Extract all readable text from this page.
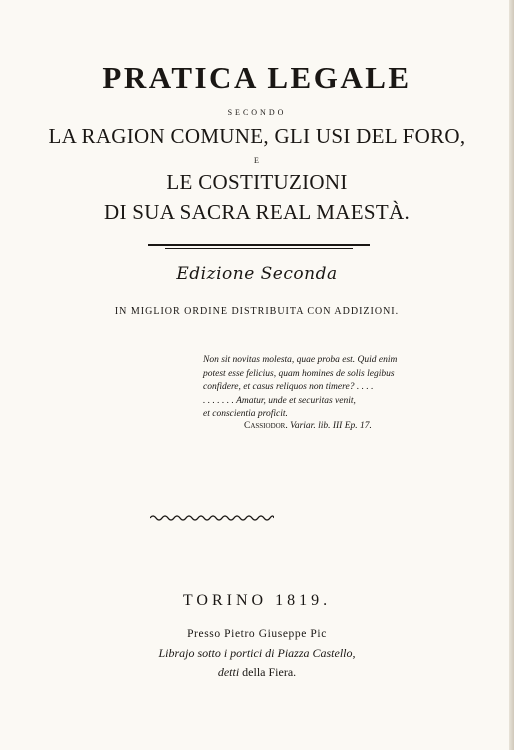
PRATICA LEGALE
SECONDO
LA RAGION COMUNE, GLI USI DEL FORO,
E
LE COSTITUZIONI
DI SUA SACRA REAL MAESTÀ.
Edizione Seconda
IN MIGLIOR ORDINE DISTRIBUITA CON ADDIZIONI.
Non sit novitas molesta, quae proba est. Quid enim
potest esse felicius, quam homines de solis legibus
confidere, et casus reliquos non timere? . . . .
. . . . . . . Amatur, unde et securitas venit,
et conscientia proficit.
Cassiodor. Variar. lib. III Ep. 17.
TORINO 1819.
Presso Pietro Giuseppe Pic
Librajo sotto i portici di Piazza Castello,
detti della Fiera.
